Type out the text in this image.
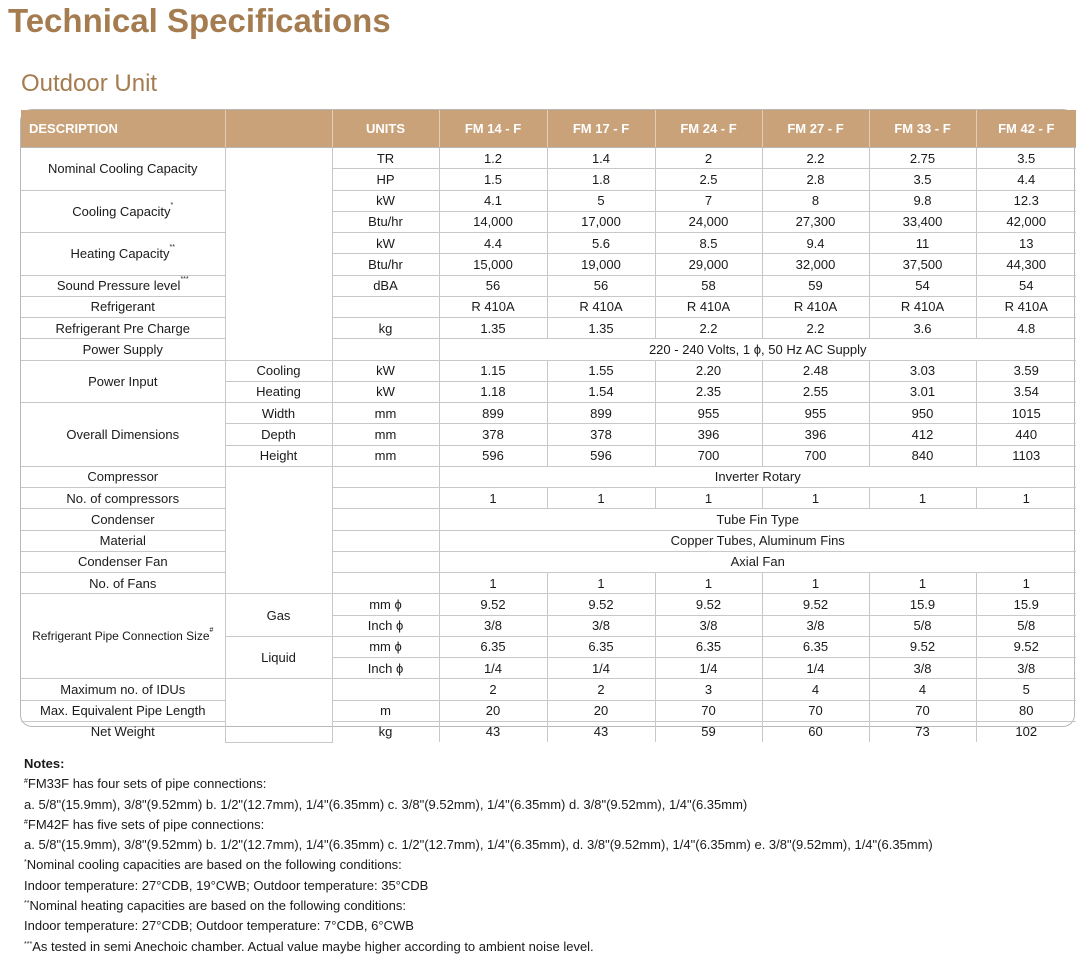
Technical Specifications
Outdoor Unit
DESCRIPTION		UNITS	FM 14 - F	FM 17 - F	FM 24 - F	FM 27 - F	FM 33 - F	FM 42 - F
Nominal Cooling Capacity		TR	1.2	1.4	2	2.2	2.75	3.5
		HP	1.5	1.8	2.5	2.8	3.5	4.4
Cooling Capacity*		kW	4.1	5	7	8	9.8	12.3
		Btu/hr	14,000	17,000	24,000	27,300	33,400	42,000
Heating Capacity**		kW	4.4	5.6	8.5	9.4	11	13
		Btu/hr	15,000	19,000	29,000	32,000	37,500	44,300
Sound Pressure level***		dBA	56	56	58	59	54	54
Refrigerant			R 410A	R 410A	R 410A	R 410A	R 410A	R 410A
Refrigerant Pre Charge		kg	1.35	1.35	2.2	2.2	3.6	4.8
Power Supply			220 - 240 Volts, 1 ϕ, 50 Hz AC Supply					
Power Input	Cooling	kW	1.15	1.55	2.20	2.48	3.03	3.59
	Heating	kW	1.18	1.54	2.35	2.55	3.01	3.54
Overall Dimensions	Width	mm	899	899	955	955	950	1015
	Depth	mm	378	378	396	396	412	440
	Height	mm	596	596	700	700	840	1103
Compressor			Inverter Rotary					
No. of compressors			1	1	1	1	1	1
Condenser			Tube Fin Type					
Material			Copper Tubes, Aluminum Fins					
Condenser Fan			Axial Fan					
No. of Fans			1	1	1	1	1	1
Refrigerant Pipe Connection Size#	Gas	mm ϕ	9.52	9.52	9.52	9.52	15.9	15.9
		Inch ϕ	3/8	3/8	3/8	3/8	5/8	5/8
	Liquid	mm ϕ	6.35	6.35	6.35	6.35	9.52	9.52
		Inch ϕ	1/4	1/4	1/4	1/4	3/8	3/8
Maximum no. of IDUs			2	2	3	4	4	5
Max. Equivalent Pipe Length		m	20	20	70	70	70	80
Net Weight		kg	43	43	59	60	73	102

Notes:

#FM33F has four sets of pipe connections:

a. 5/8"(15.9mm), 3/8"(9.52mm) b. 1/2"(12.7mm), 1/4"(6.35mm) c. 3/8"(9.52mm), 1/4"(6.35mm) d. 3/8"(9.52mm), 1/4"(6.35mm)

#FM42F has five sets of pipe connections:

a. 5/8"(15.9mm), 3/8"(9.52mm) b. 1/2"(12.7mm), 1/4"(6.35mm) c. 1/2"(12.7mm), 1/4"(6.35mm), d. 3/8"(9.52mm), 1/4"(6.35mm) e. 3/8"(9.52mm), 1/4"(6.35mm)

*Nominal cooling capacities are based on the following conditions:

Indoor temperature: 27°CDB, 19°CWB; Outdoor temperature: 35°CDB

**Nominal heating capacities are based on the following conditions:

Indoor temperature: 27°CDB; Outdoor temperature: 7°CDB, 6°CWB

***As tested in semi Anechoic chamber. Actual value maybe higher according to ambient noise level.
